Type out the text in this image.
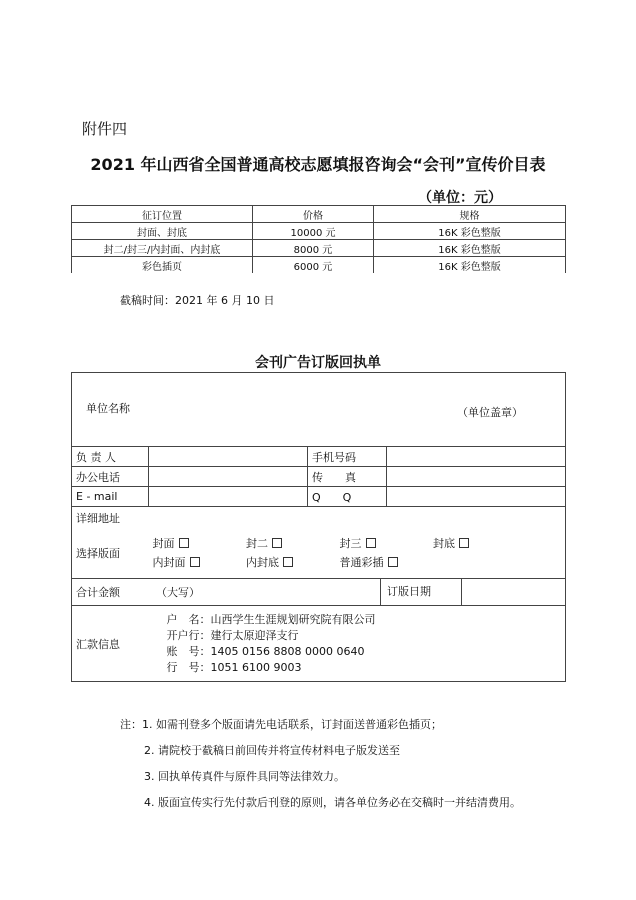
附件四
2021 年山西省全国普通高校志愿填报咨询会“会刊”宣传价目表
（单位：元）
征订位置	价格	规格
封面、封底	10000 元	16K 彩色整版
封二/封三/内封面、内封底	8000 元	16K 彩色整版
彩色插页	6000 元	16K 彩色整版
截稿时间：2021 年 6 月 10 日
会刊广告订版回执单
单位名称 （单位盖章）			

负 责 人		手机号码	
办公电话		传　　真	
E - mail		Q　　Q	
详细地址			
选择版面	封面 封二 封三 封底
内封面 内封底 普通彩插		

合计金额 （大写） 订版日期			

汇款信息	户　名：山西学生生涯规划研究院有限公司
开户行：建行太原迎泽支行
账　号：1405 0156 8808 0000 0640
行　号：1051 6100 9003		
注：1. 如需刊登多个版面请先电话联系，订封面送普通彩色插页；
2. 请院校于截稿日前回传并将宣传材料电子版发送至
3. 回执单传真件与原件具同等法律效力。
4. 版面宣传实行先付款后刊登的原则，请各单位务必在交稿时一并结清费用。
